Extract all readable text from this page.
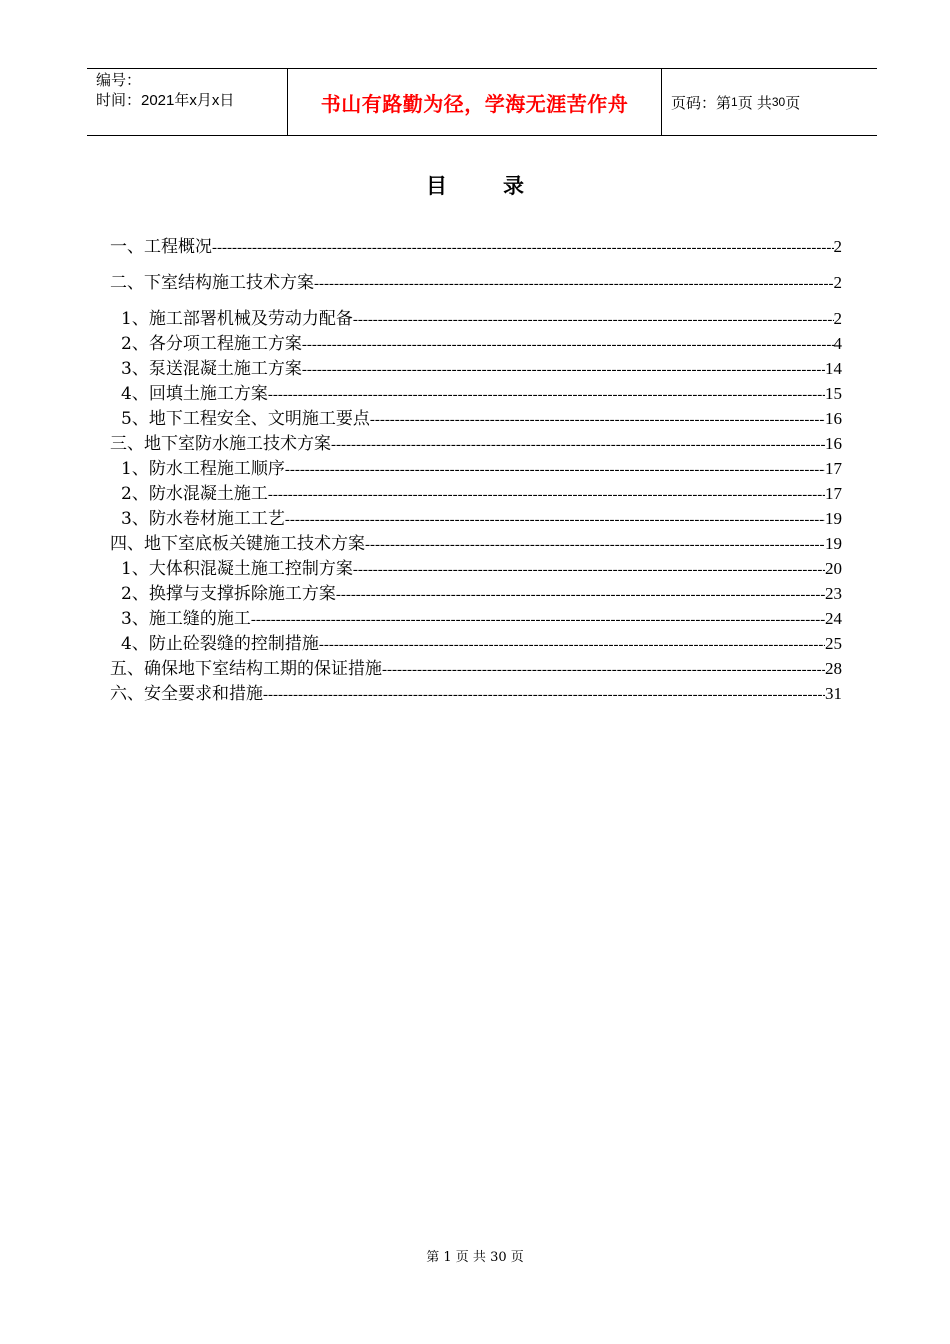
编号：
时间：2021年x月x日	书山有路勤为径，学海无涯苦作舟	页码：第 1 页 共 30 页
目	录
一、工程概况 -----	2
二、下室结构施工技术方案 -----	2
1、施工部署机械及劳动力配备 -----	2
2、各分项工程施工方案 -----	4
3、泵送混凝土施工方案 -----	14
4、回填土施工方案 -----	15
5、地下工程安全、文明施工要点 -----	16
三、地下室防水施工技术方案 -----	16
1、防水工程施工顺序 -----	17
2、防水混凝土施工 -----	17
3、防水卷材施工工艺 -----	19
四、地下室底板关键施工技术方案 -----	19
1、大体积混凝土施工控制方案 -----	20
2、换撑与支撑拆除施工方案 -----	23
3、施工缝的施工 -----	24
4、防止砼裂缝的控制措施 -----	25
五、确保地下室结构工期的保证措施 -----	28
六、安全要求和措施 -----	31
第 1 页 共 30 页
